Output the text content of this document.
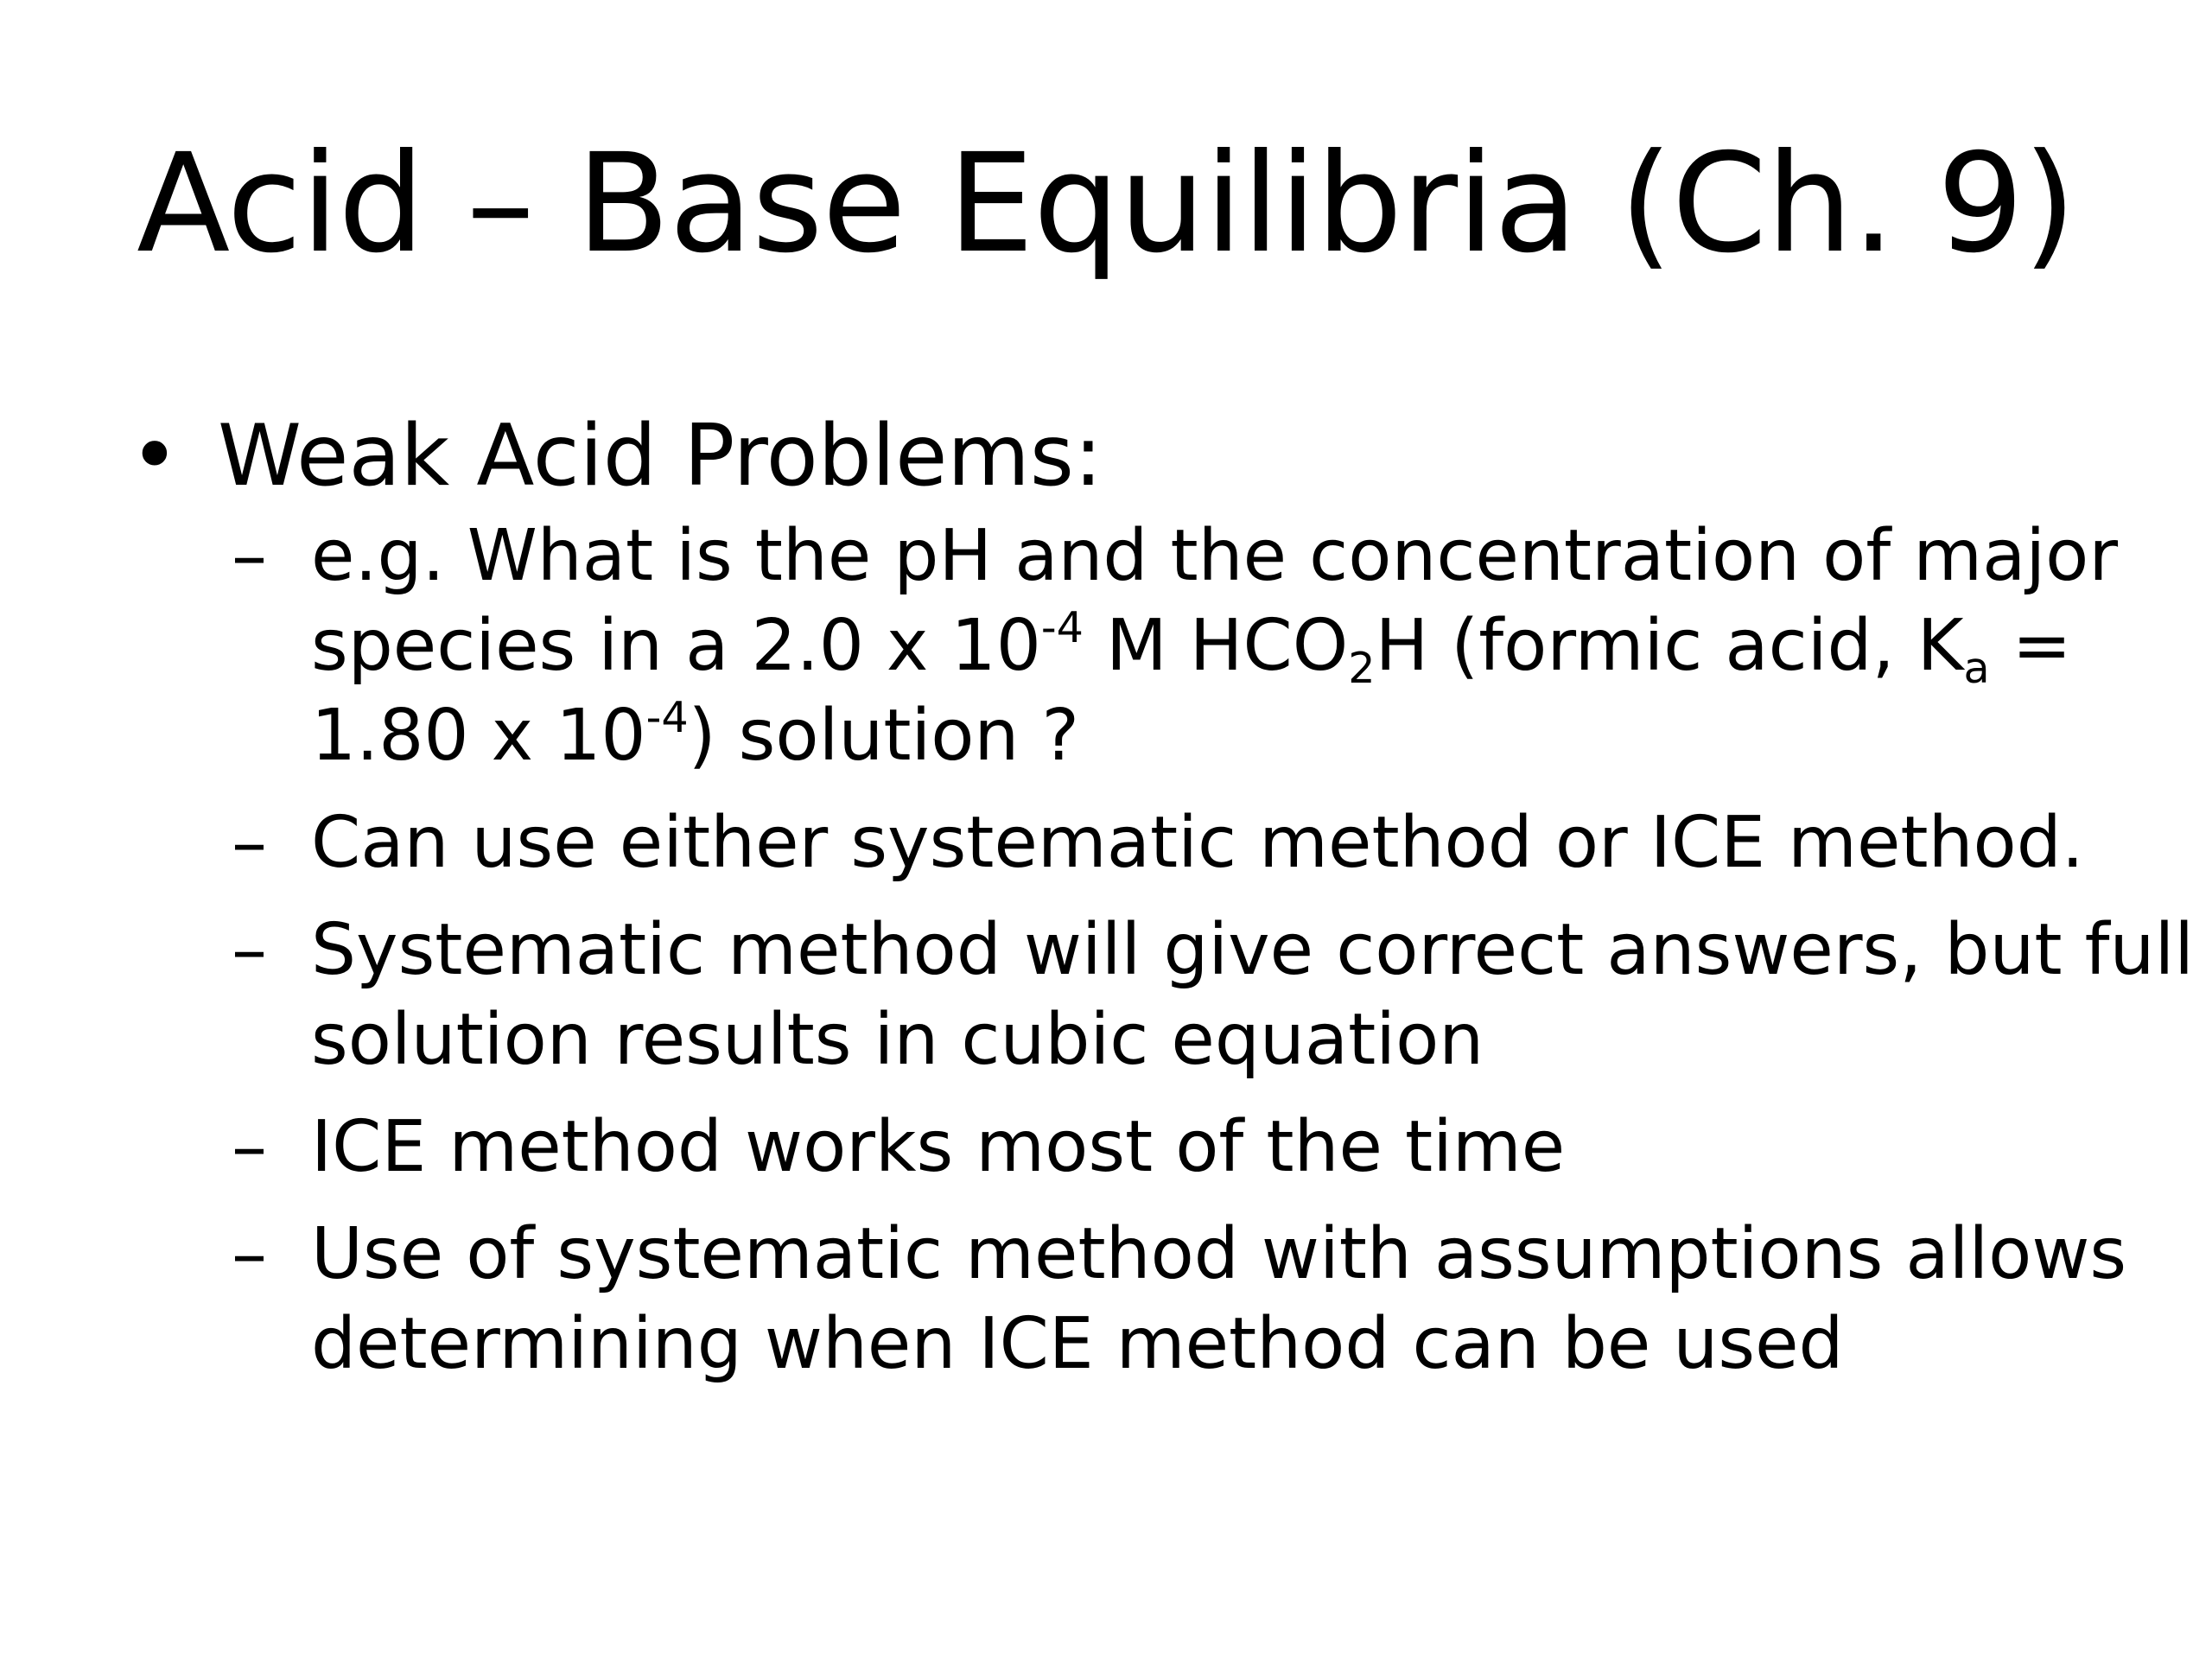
Acid – Base Equilibria (Ch. 9)
• Weak Acid Problems:
– e.g. What is the pH and the concentration of major
species in a 2.0 x $10^{-4}$ M $HCO_2H$ (formic acid, $K_a$ =
1.80 x $10^{-4}$) solution ?
– Can use either systematic method or ICE method.
– Systematic method will give correct answers, but full
solution results in cubic equation
– ICE method works most of the time
– Use of systematic method with assumptions allows
determining when ICE method can be used
